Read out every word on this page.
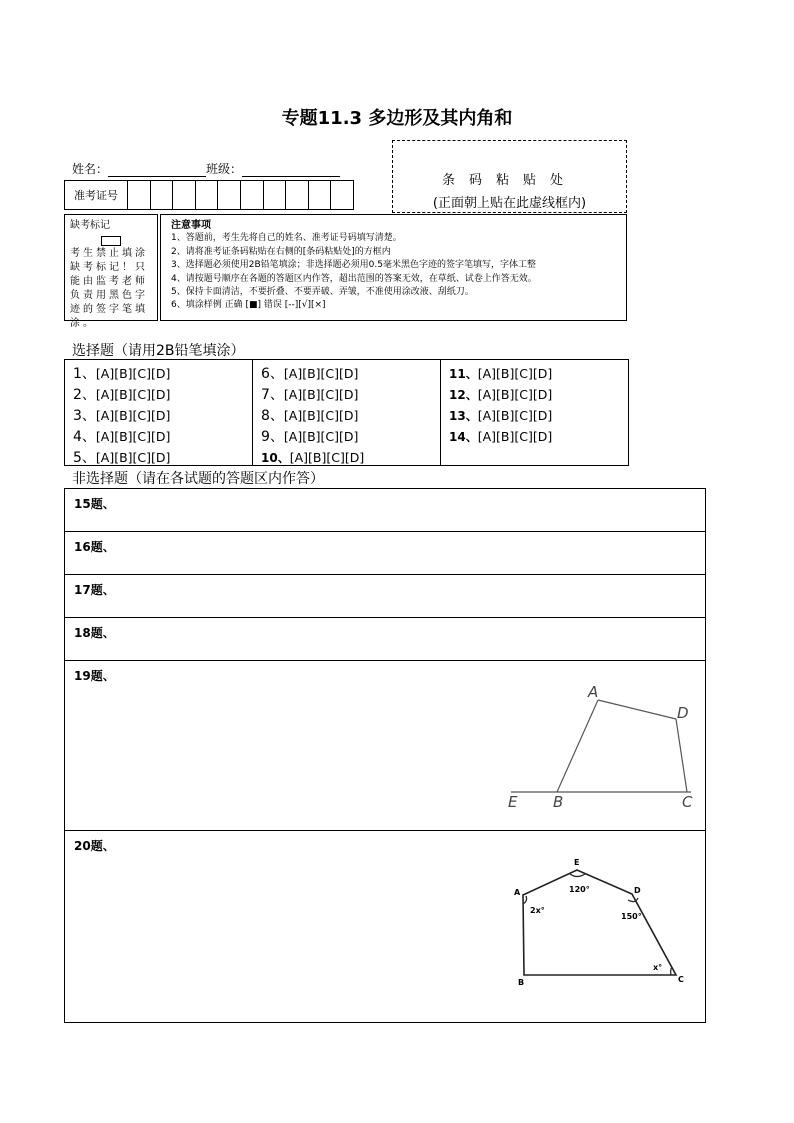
专题11.3 多边形及其内角和
姓名：	班级：
准考证号
条码粘贴处
(正面朝上贴在此虚线框内)
缺考标记
考生禁止填涂缺考标记！只能由监考老师负责用黑色字迹的签字笔填涂。
注意事项
1、答题前，考生先将自己的姓名、准考证号码填写清楚。
2、请将准考证条码粘贴在右侧的[条码粘贴处]的方框内
3、选择题必须使用2B铅笔填涂；非选择题必须用0.5毫米黑色字迹的签字笔填写，字体工整
4、请按题号顺序在各题的答题区内作答，超出范围的答案无效，在草纸、试卷上作答无效。
5、保持卡面清洁，不要折叠、不要弄破、弄皱，不准使用涂改液、刮纸刀。
6、填涂样例 正确 [■] 错误 [--][√][×]
选择题（请用2B铅笔填涂）
1、[A][B][C][D]
2、[A][B][C][D]
3、[A][B][C][D]
4、[A][B][C][D]
5、[A][B][C][D]
6、[A][B][C][D]
7、[A][B][C][D]
8、[A][B][C][D]
9、[A][B][C][D]
10、[A][B][C][D]
11、[A][B][C][D]
12、[A][B][C][D]
13、[A][B][C][D]
14、[A][B][C][D]
非选择题（请在各试题的答题区内作答）
15题、
16题、
17题、
18题、
19题、
A
D
B	C
E
20题、
E
A	D
B	C
2x°
120°
150°
x°
